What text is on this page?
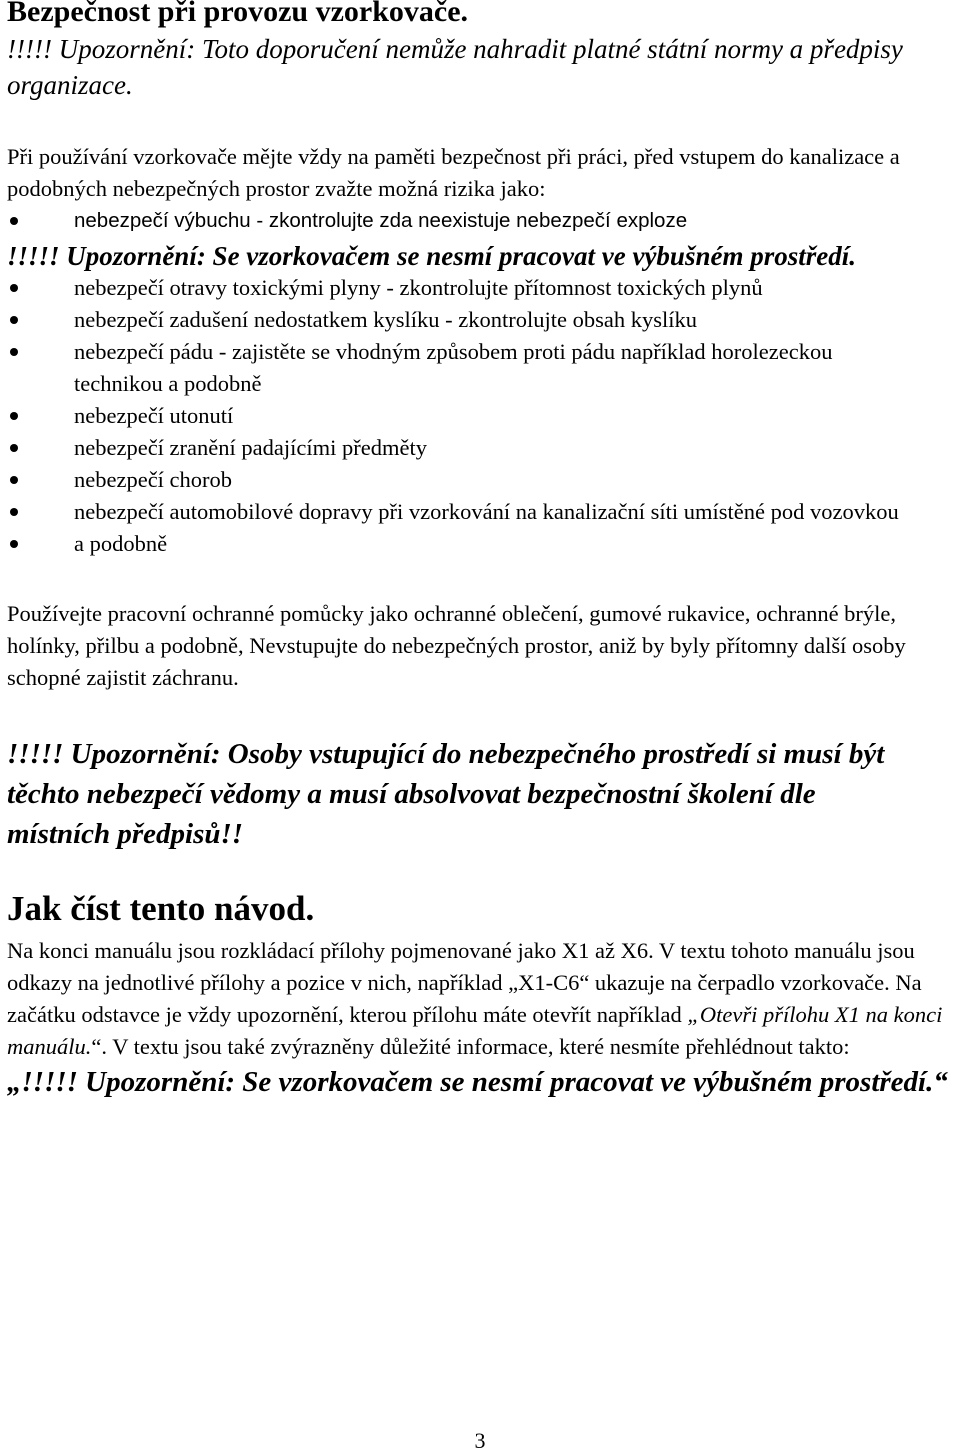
Bezpečnost při provozu vzorkovače.

!!!!! Upozornění: Toto doporučení nemůže nahradit platné státní normy a předpisy organizace.

Při používání vzorkovače mějte vždy na paměti bezpečnost při práci, před vstupem do kanalizace a podobných nebezpečných prostor zvažte možná rizika jako:

nebezpečí výbuchu - zkontrolujte zda neexistuje nebezpečí exploze

!!!!! Upozornění: Se vzorkovačem se nesmí pracovat ve výbušném prostředí.

nebezpečí otravy toxickými plyny - zkontrolujte přítomnost toxických plynů
nebezpečí zadušení nedostatkem kyslíku - zkontrolujte obsah kyslíku
nebezpečí pádu - zajistěte se vhodným způsobem proti pádu například horolezeckou technikou a podobně
nebezpečí utonutí
nebezpečí zranění padajícími předměty
nebezpečí chorob
nebezpečí automobilové dopravy při vzorkování na kanalizační síti umístěné pod vozovkou
a podobně

Používejte pracovní ochranné pomůcky jako ochranné oblečení, gumové rukavice, ochranné brýle, holínky, přilbu a podobně, Nevstupujte do nebezpečných prostor, aniž by byly přítomny další osoby schopné zajistit záchranu.

!!!!! Upozornění: Osoby vstupující do nebezpečného prostředí si musí být těchto nebezpečí vědomy a musí absolvovat bezpečnostní školení dle místních předpisů!!

Jak číst tento návod.

Na konci manuálu jsou rozkládací přílohy pojmenované jako X1 až X6. V textu tohoto manuálu jsou odkazy na jednotlivé přílohy a pozice v nich, například „X1-C6“ ukazuje na čerpadlo vzorkovače. Na začátku odstavce je vždy upozornění, kterou přílohu máte otevřít například „Otevři přílohu X1 na konci manuálu.“. V textu jsou také zvýrazněny důležité informace, které nesmíte přehlédnout takto:

„!!!!! Upozornění: Se vzorkovačem se nesmí pracovat ve výbušném prostředí.“

3
